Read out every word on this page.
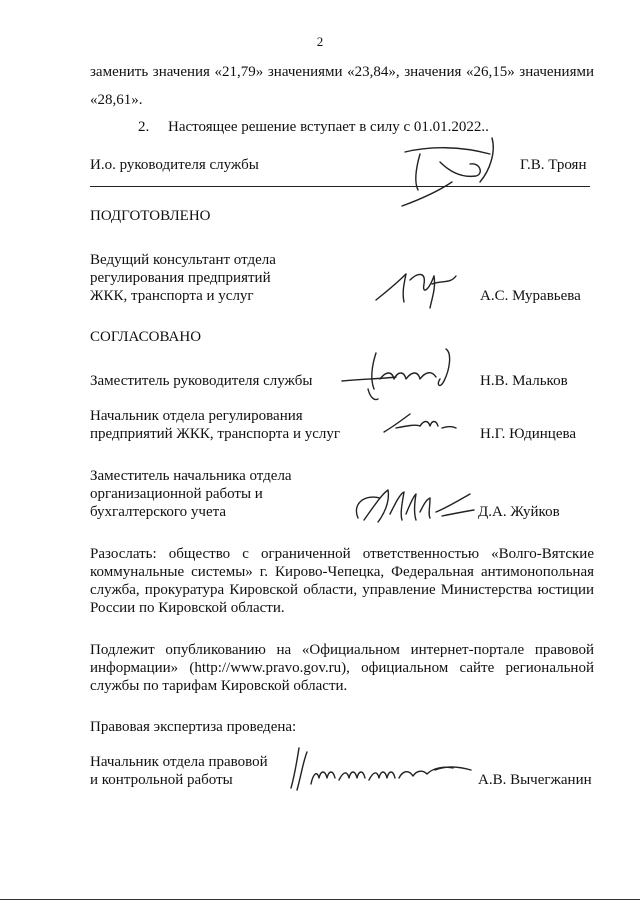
2
заменить значения «21,79» значениями «23,84», значения «26,15» значениями
«28,61».
2. Настоящее решение вступает в силу с 01.01.2022..
И.о. руководителя службы	Г.В. Троян
ПОДГОТОВЛЕНО
Ведущий консультант отдела
регулирования предприятий
ЖКК, транспорта и услуг	А.С. Муравьева
СОГЛАСОВАНО
Заместитель руководителя службы	Н.В. Мальков
Начальник отдела регулирования
предприятий ЖКК, транспорта и услуг	Н.Г. Юдинцева
Заместитель начальника отдела
организационной работы и
бухгалтерского учета	Д.А. Жуйков
Разослать: общество с ограниченной ответственностью «Волго-Вятские
коммунальные системы» г. Кирово-Чепецка, Федеральная антимонопольная
служба, прокуратура Кировской области, управление Министерства юстиции
России по Кировской области.
Подлежит опубликованию на «Официальном интернет-портале правовой
информации» (http://www.pravo.gov.ru), официальном сайте региональной
службы по тарифам Кировской области.
Правовая экспертиза проведена:
Начальник отдела правовой
и контрольной работы	А.В. Вычегжанин
